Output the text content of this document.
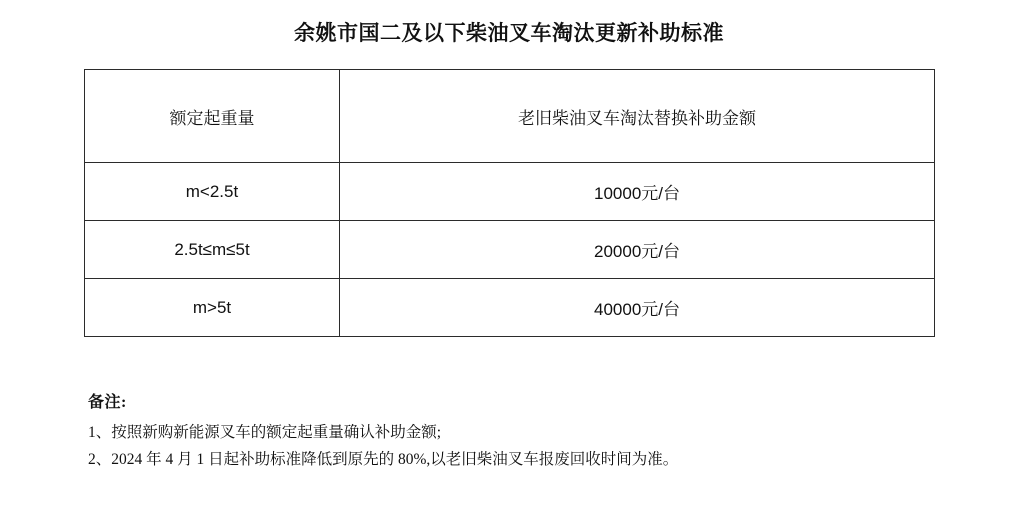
余姚市国二及以下柴油叉车淘汰更新补助标准
额定起重量	老旧柴油叉车淘汰替换补助金额
m<2.5t	10000元/台
2.5t≤m≤5t	20000元/台
m>5t	40000元/台
备注:
1、按照新购新能源叉车的额定起重量确认补助金额;
2、2024 年 4 月 1 日起补助标准降低到原先的 80%,以老旧柴油叉车报废回收时间为准。
